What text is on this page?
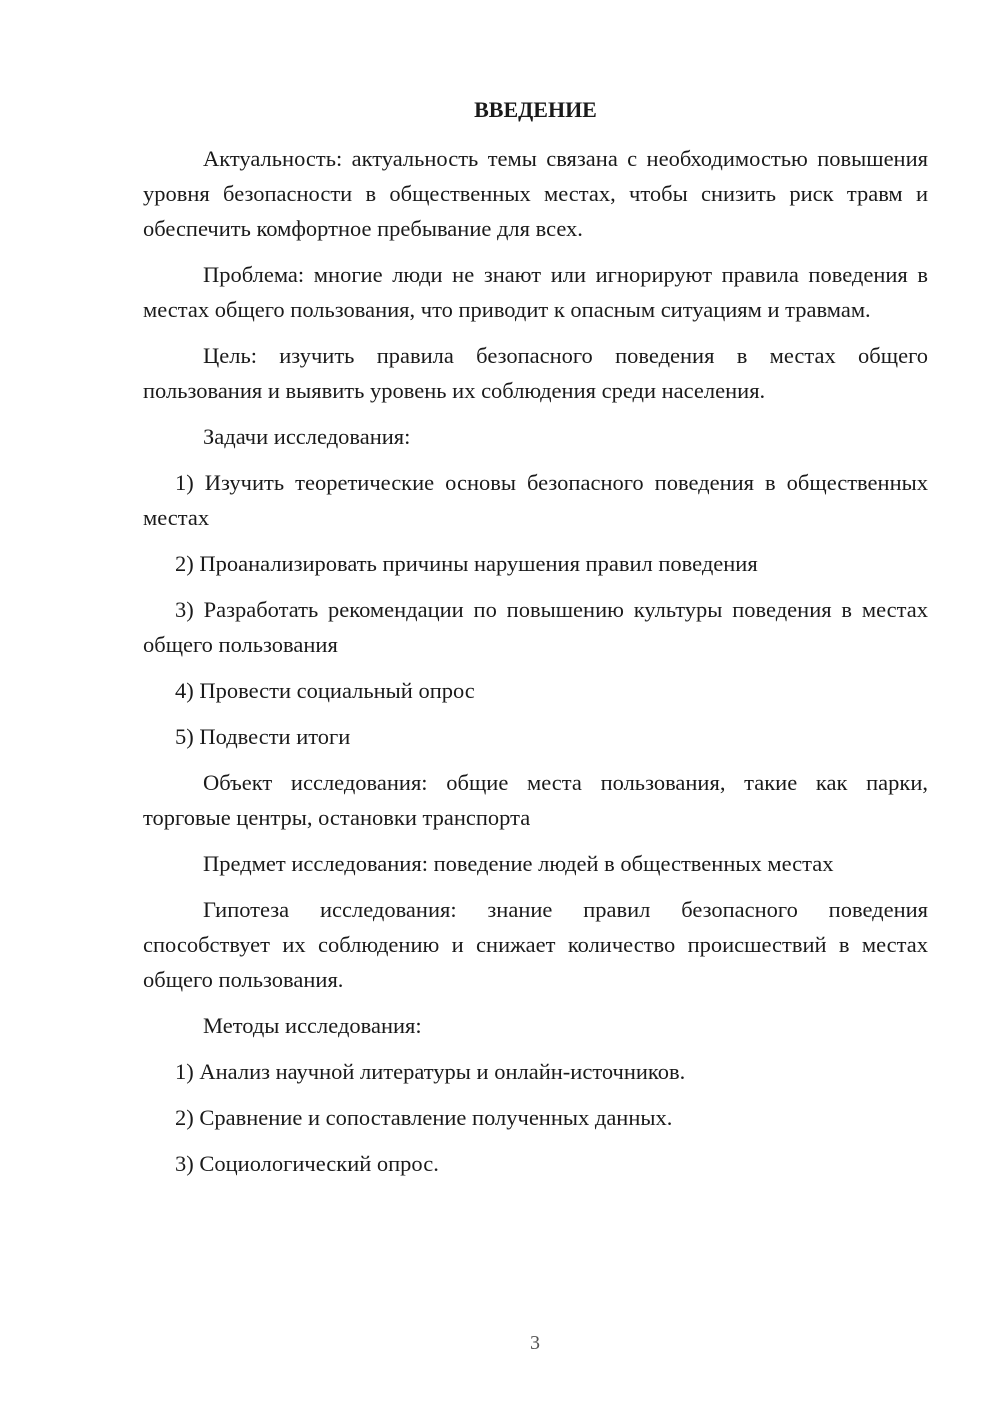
ВВЕДЕНИЕ

Актуальность: актуальность темы связана с необходимостью повышения уровня безопасности в общественных местах, чтобы снизить риск травм и обеспечить комфортное пребывание для всех.

Проблема: многие люди не знают или игнорируют правила поведения в местах общего пользования, что приводит к опасным ситуациям и травмам.

Цель: изучить правила безопасного поведения в местах общего пользования и выявить уровень их соблюдения среди населения.

Задачи исследования:

1) Изучить теоретические основы безопасного поведения в общественных местах

2) Проанализировать причины нарушения правил поведения

3) Разработать рекомендации по повышению культуры поведения в местах общего пользования

4) Провести социальный опрос

5) Подвести итоги

Объект исследования: общие места пользования, такие как парки, торговые центры, остановки транспорта

Предмет исследования: поведение людей в общественных местах

Гипотеза исследования: знание правил безопасного поведения способствует их соблюдению и снижает количество происшествий в местах общего пользования.

Методы исследования:

1) Анализ научной литературы и онлайн-источников.

2) Сравнение и сопоставление полученных данных.

3) Социологический опрос.

3
